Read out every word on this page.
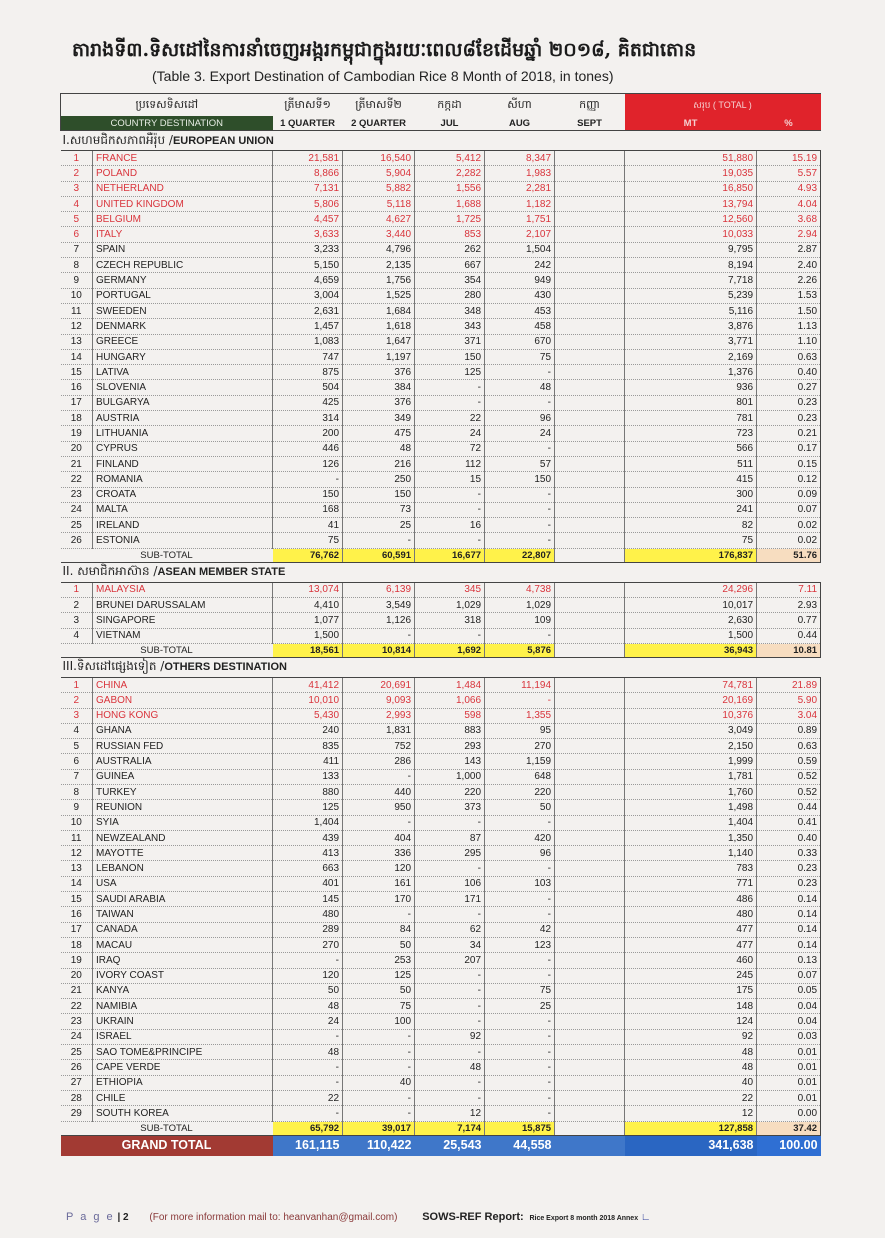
តារាងទី៣.ទិសដៅនៃការនាំចេញអង្ករកម្ពុជាក្នុងរយៈពេល៨ខែដើមឆ្នាំ ២០១៨, គិតជាតោន
(Table 3. Export Destination of Cambodian Rice 8 Month of 2018, in tones)
ប្រទេសទិសដៅ		ត្រីមាសទី១	ត្រីមាសទី២	កក្កដា	សីហា	កញ្ញា	សរុប ( TOTAL )	
COUNTRY DESTINATION		1 QUARTER	2 QUARTER	JUL	AUG	SEPT	MT	%
I.សហមជិកសភាពអឺរ៉ុប /EUROPEAN UNION								
1	FRANCE	21,581	16,540	5,412	8,347		51,880	15.19
2	POLAND	8,866	5,904	2,282	1,983		19,035	5.57
3	NETHERLAND	7,131	5,882	1,556	2,281		16,850	4.93
4	UNITED KINGDOM	5,806	5,118	1,688	1,182		13,794	4.04
5	BELGIUM	4,457	4,627	1,725	1,751		12,560	3.68
6	ITALY	3,633	3,440	853	2,107		10,033	2.94
7	SPAIN	3,233	4,796	262	1,504		9,795	2.87
8	CZECH REPUBLIC	5,150	2,135	667	242		8,194	2.40
9	GERMANY	4,659	1,756	354	949		7,718	2.26
10	PORTUGAL	3,004	1,525	280	430		5,239	1.53
11	SWEEDEN	2,631	1,684	348	453		5,116	1.50
12	DENMARK	1,457	1,618	343	458		3,876	1.13
13	GREECE	1,083	1,647	371	670		3,771	1.10
14	HUNGARY	747	1,197	150	75		2,169	0.63
15	LATIVA	875	376	125	-		1,376	0.40
16	SLOVENIA	504	384	-	48		936	0.27
17	BULGARYA	425	376	-	-		801	0.23
18	AUSTRIA	314	349	22	96		781	0.23
19	LITHUANIA	200	475	24	24		723	0.21
20	CYPRUS	446	48	72	-		566	0.17
21	FINLAND	126	216	112	57		511	0.15
22	ROMANIA	-	250	15	150		415	0.12
23	CROATA	150	150	-	-		300	0.09
24	MALTA	168	73	-	-		241	0.07
25	IRELAND	41	25	16	-		82	0.02
26	ESTONIA	75	-	-	-		75	0.02
SUB-TOTAL		76,762	60,591	16,677	22,807		176,837	51.76
II. សមាជិកអាស៊ាន /ASEAN MEMBER STATE								
1	MALAYSIA	13,074	6,139	345	4,738		24,296	7.11
2	BRUNEI DARUSSALAM	4,410	3,549	1,029	1,029		10,017	2.93
3	SINGAPORE	1,077	1,126	318	109		2,630	0.77
4	VIETNAM	1,500	-	-	-		1,500	0.44
SUB-TOTAL		18,561	10,814	1,692	5,876		36,943	10.81
III.ទិសដៅផ្សេងទៀត /OTHERS DESTINATION								
1	CHINA	41,412	20,691	1,484	11,194		74,781	21.89
2	GABON	10,010	9,093	1,066	-		20,169	5.90
3	HONG KONG	5,430	2,993	598	1,355		10,376	3.04
4	GHANA	240	1,831	883	95		3,049	0.89
5	RUSSIAN FED	835	752	293	270		2,150	0.63
6	AUSTRALIA	411	286	143	1,159		1,999	0.59
7	GUINEA	133	-	1,000	648		1,781	0.52
8	TURKEY	880	440	220	220		1,760	0.52
9	REUNION	125	950	373	50		1,498	0.44
10	SYIA	1,404	-	-	-		1,404	0.41
11	NEWZEALAND	439	404	87	420		1,350	0.40
12	MAYOTTE	413	336	295	96		1,140	0.33
13	LEBANON	663	120	-	-		783	0.23
14	USA	401	161	106	103		771	0.23
15	SAUDI ARABIA	145	170	171	-		486	0.14
16	TAIWAN	480	-	-	-		480	0.14
17	CANADA	289	84	62	42		477	0.14
18	MACAU	270	50	34	123		477	0.14
19	IRAQ	-	253	207	-		460	0.13
20	IVORY COAST	120	125	-	-		245	0.07
21	KANYA	50	50	-	75		175	0.05
22	NAMIBIA	48	75	-	25		148	0.04
23	UKRAIN	24	100	-	-		124	0.04
24	ISRAEL	-	-	92	-		92	0.03
25	SAO TOME&PRINCIPE	48	-	-	-		48	0.01
26	CAPE VERDE	-	-	48	-		48	0.01
27	ETHIOPIA	-	40	-	-		40	0.01
28	CHILE	22	-	-	-		22	0.01
29	SOUTH KOREA	-	-	12	-		12	0.00
SUB-TOTAL		65,792	39,017	7,174	15,875		127,858	37.42
GRAND TOTAL		161,115	110,422	25,543	44,558		341,638	100.00
P a g e | 2 (For more information mail to: heanvanhan@gmail.com) SOWS-REF Report: Rice Export 8 month 2018 Annex ∟
